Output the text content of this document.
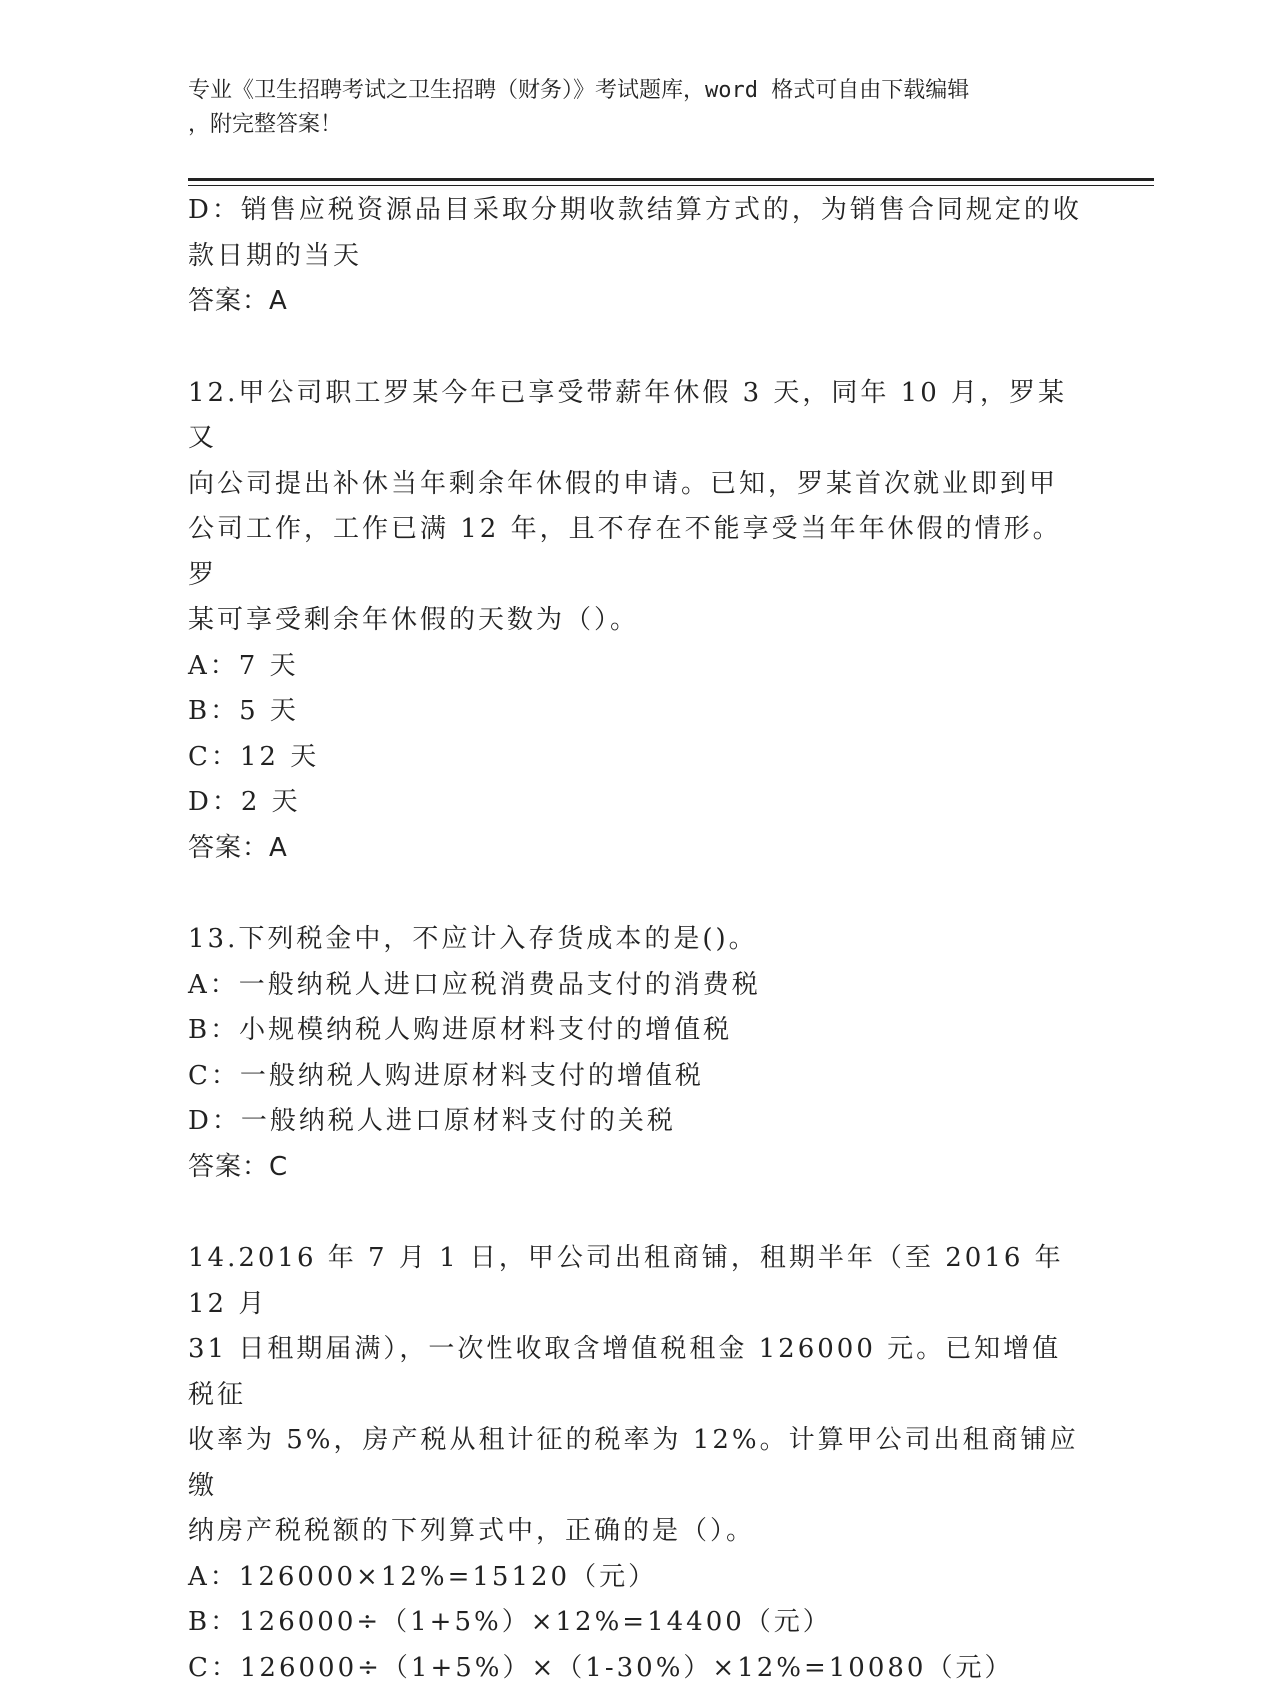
专业《卫生招聘考试之卫生招聘（财务）》考试题库，word 格式可自由下载编辑
，附完整答案！
D：销售应税资源品目采取分期收款结算方式的，为销售合同规定的收
款日期的当天
答案：A
12.甲公司职工罗某今年已享受带薪年休假 3 天，同年 10 月，罗某又
向公司提出补休当年剩余年休假的申请。已知，罗某首次就业即到甲
公司工作，工作已满 12 年，且不存在不能享受当年年休假的情形。罗
某可享受剩余年休假的天数为（）。
A：7 天
B：5 天
C：12 天
D：2 天
答案：A
13.下列税金中，不应计入存货成本的是()。
A：一般纳税人进口应税消费品支付的消费税
B：小规模纳税人购进原材料支付的增值税
C：一般纳税人购进原材料支付的增值税
D：一般纳税人进口原材料支付的关税
答案：C
14.2016 年 7 月 1 日，甲公司出租商铺，租期半年（至 2016 年 12 月
31 日租期届满），一次性收取含增值税租金 126000 元。已知增值税征
收率为 5%，房产税从租计征的税率为 12%。计算甲公司出租商铺应缴
纳房产税税额的下列算式中，正确的是（）。
A：126000×12%=15120（元）
B：126000÷（1+5%）×12%=14400（元）
C：126000÷（1+5%）×（1-30%）×12%=10080（元）
